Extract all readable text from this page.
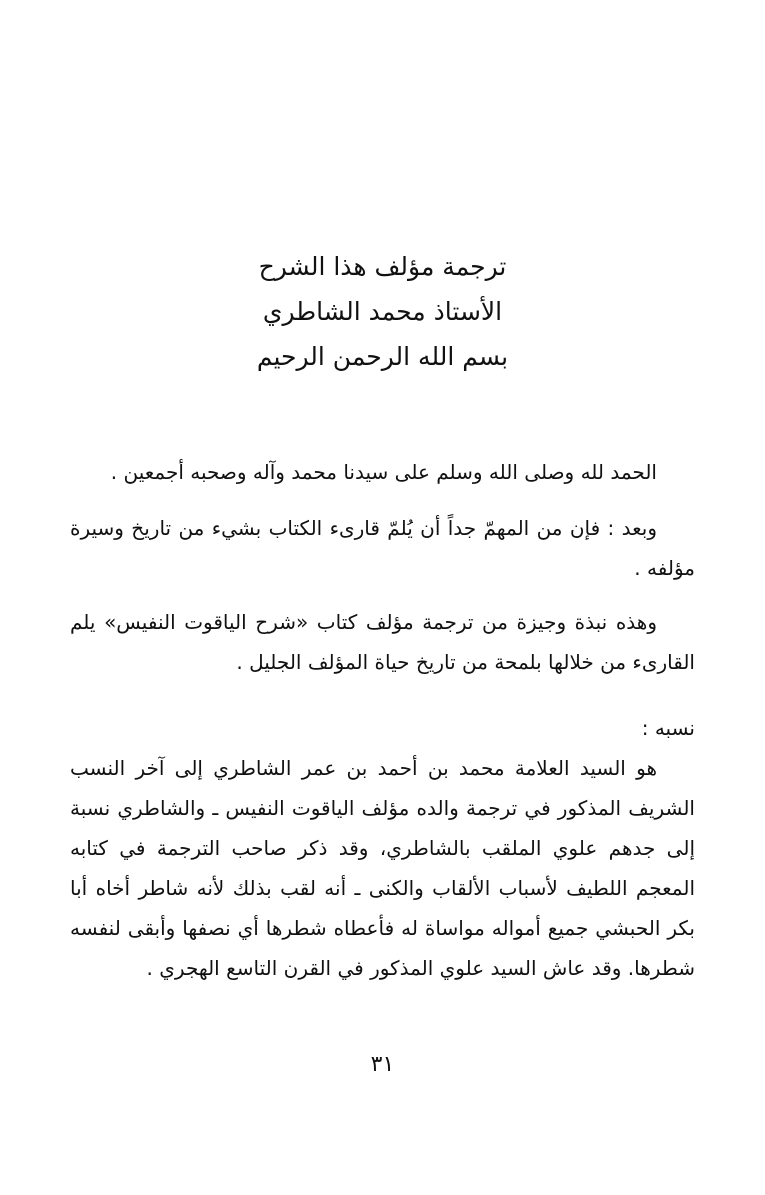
ترجمة مؤلف هذا الشرح
الأستاذ محمد الشاطري
بسم الله الرحمن الرحيم

الحمد لله وصلى الله وسلم على سيدنا محمد وآله وصحبه أجمعين .

وبعد : فإن من المهمّ جداً أن يُلمّ قارىء الكتاب بشيء من تاريخ وسيرة مؤلفه .

وهذه نبذة وجيزة من ترجمة مؤلف كتاب «شرح الياقوت النفيس» يلم القارىء من خلالها بلمحة من تاريخ حياة المؤلف الجليل .

نسبه :

هو السيد العلامة محمد بن أحمد بن عمر الشاطري إلى آخر النسب الشريف المذكور في ترجمة والده مؤلف الياقوت النفيس ـ والشاطري نسبة إلى جدهم علوي الملقب بالشاطري، وقد ذكر صاحب الترجمة في كتابه المعجم اللطيف لأسباب الألقاب والكنى ـ أنه لقب بذلك لأنه شاطر أخاه أبا بكر الحبشي جميع أمواله مواساة له فأعطاه شطرها أي نصفها وأبقى لنفسه شطرها. وقد عاش السيد علوي المذكور في القرن التاسع الهجري .

٣١
